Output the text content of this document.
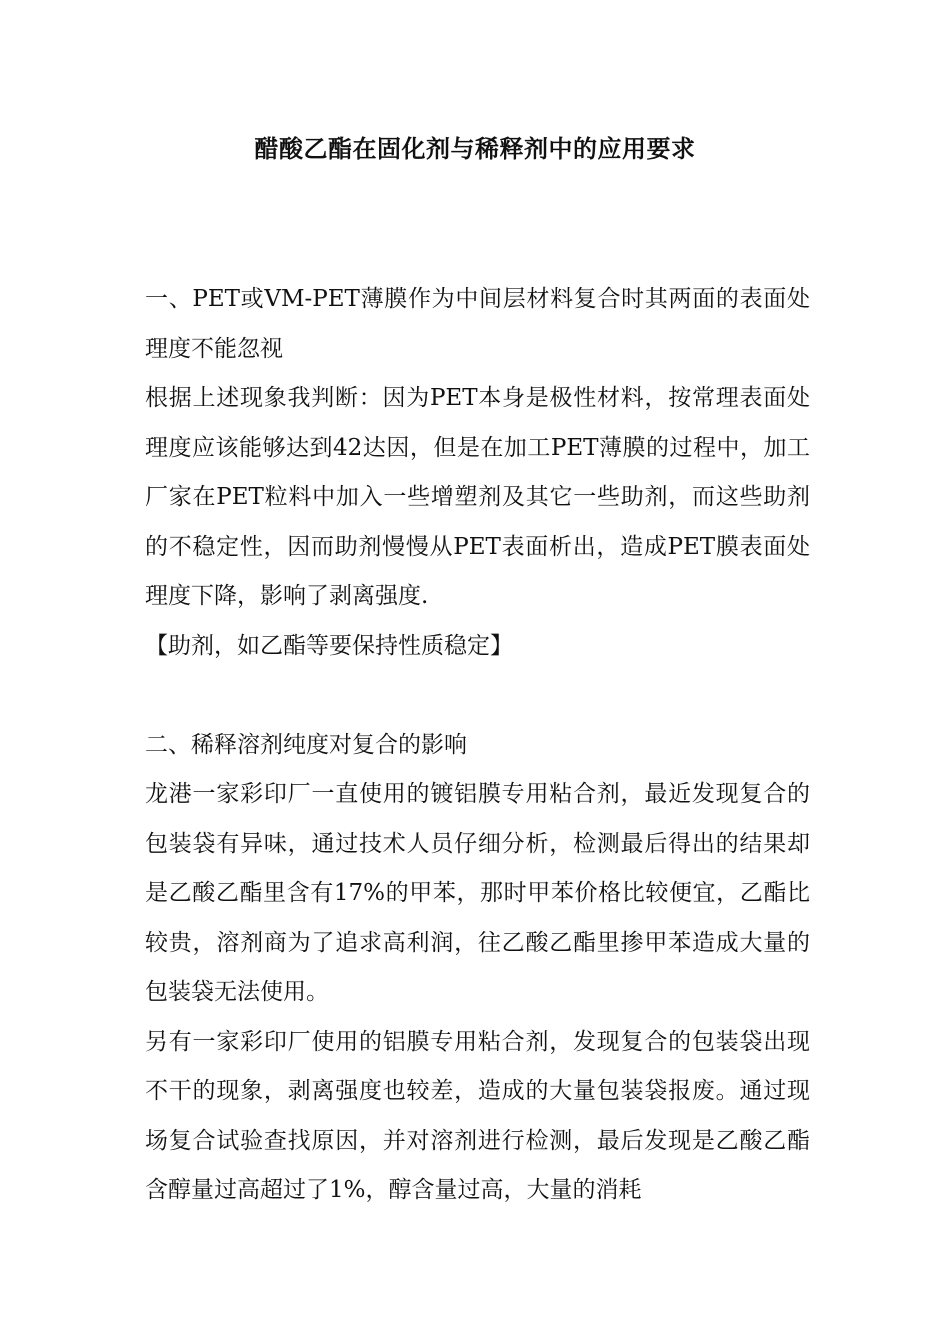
醋酸乙酯在固化剂与稀释剂中的应用要求

一、PET或VM-PET薄膜作为中间层材料复合时其两面的表面处理度不能忽视

根据上述现象我判断：因为PET本身是极性材料，按常理表面处理度应该能够达到42达因，但是在加工PET薄膜的过程中，加工厂家在PET粒料中加入一些增塑剂及其它一些助剂，而这些助剂的不稳定性，因而助剂慢慢从PET表面析出，造成PET膜表面处理度下降，影响了剥离强度.

【助剂，如乙酯等要保持性质稳定】

二、稀释溶剂纯度对复合的影响

龙港一家彩印厂一直使用的镀铝膜专用粘合剂，最近发现复合的包装袋有异味，通过技术人员仔细分析，检测最后得出的结果却是乙酸乙酯里含有17%的甲苯，那时甲苯价格比较便宜，乙酯比较贵，溶剂商为了追求高利润，往乙酸乙酯里掺甲苯造成大量的包装袋无法使用。

另有一家彩印厂使用的铝膜专用粘合剂，发现复合的包装袋出现不干的现象，剥离强度也较差，造成的大量包装袋报废。通过现场复合试验查找原因，并对溶剂进行检测，最后发现是乙酸乙酯含醇量过高超过了1%，醇含量过高，大量的消耗
